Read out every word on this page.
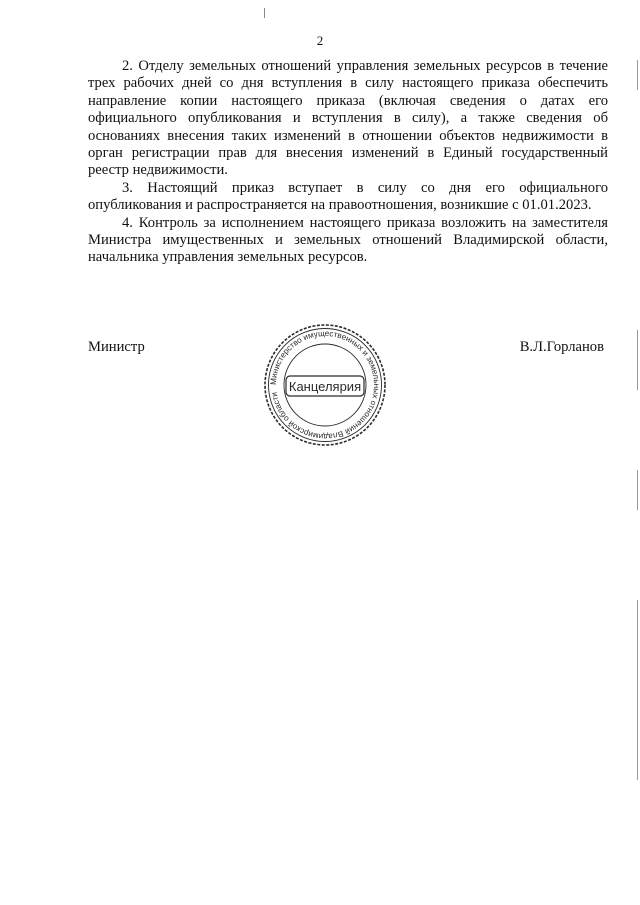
2

2. Отделу земельных отношений управления земельных ресурсов в течение трех рабочих дней со дня вступления в силу настоящего приказа обеспечить направление копии настоящего приказа (включая сведения о датах его официального опубликования и вступления в силу), а также сведения об основаниях внесения таких изменений в отношении объектов недвижимости в орган регистрации прав для внесения изменений в Единый государственный реестр недвижимости.

3. Настоящий приказ вступает в силу со дня его официального опубликования и распространяется на правоотношения, возникшие с 01.01.2023.

4. Контроль за исполнением настоящего приказа возложить на заместителя Министра имущественных и земельных отношений Владимирской области, начальника управления земельных ресурсов.

Министр	В.Л.Горланов
Министерство имущественных и земельных отношений Владимирской области
Канцелярия
